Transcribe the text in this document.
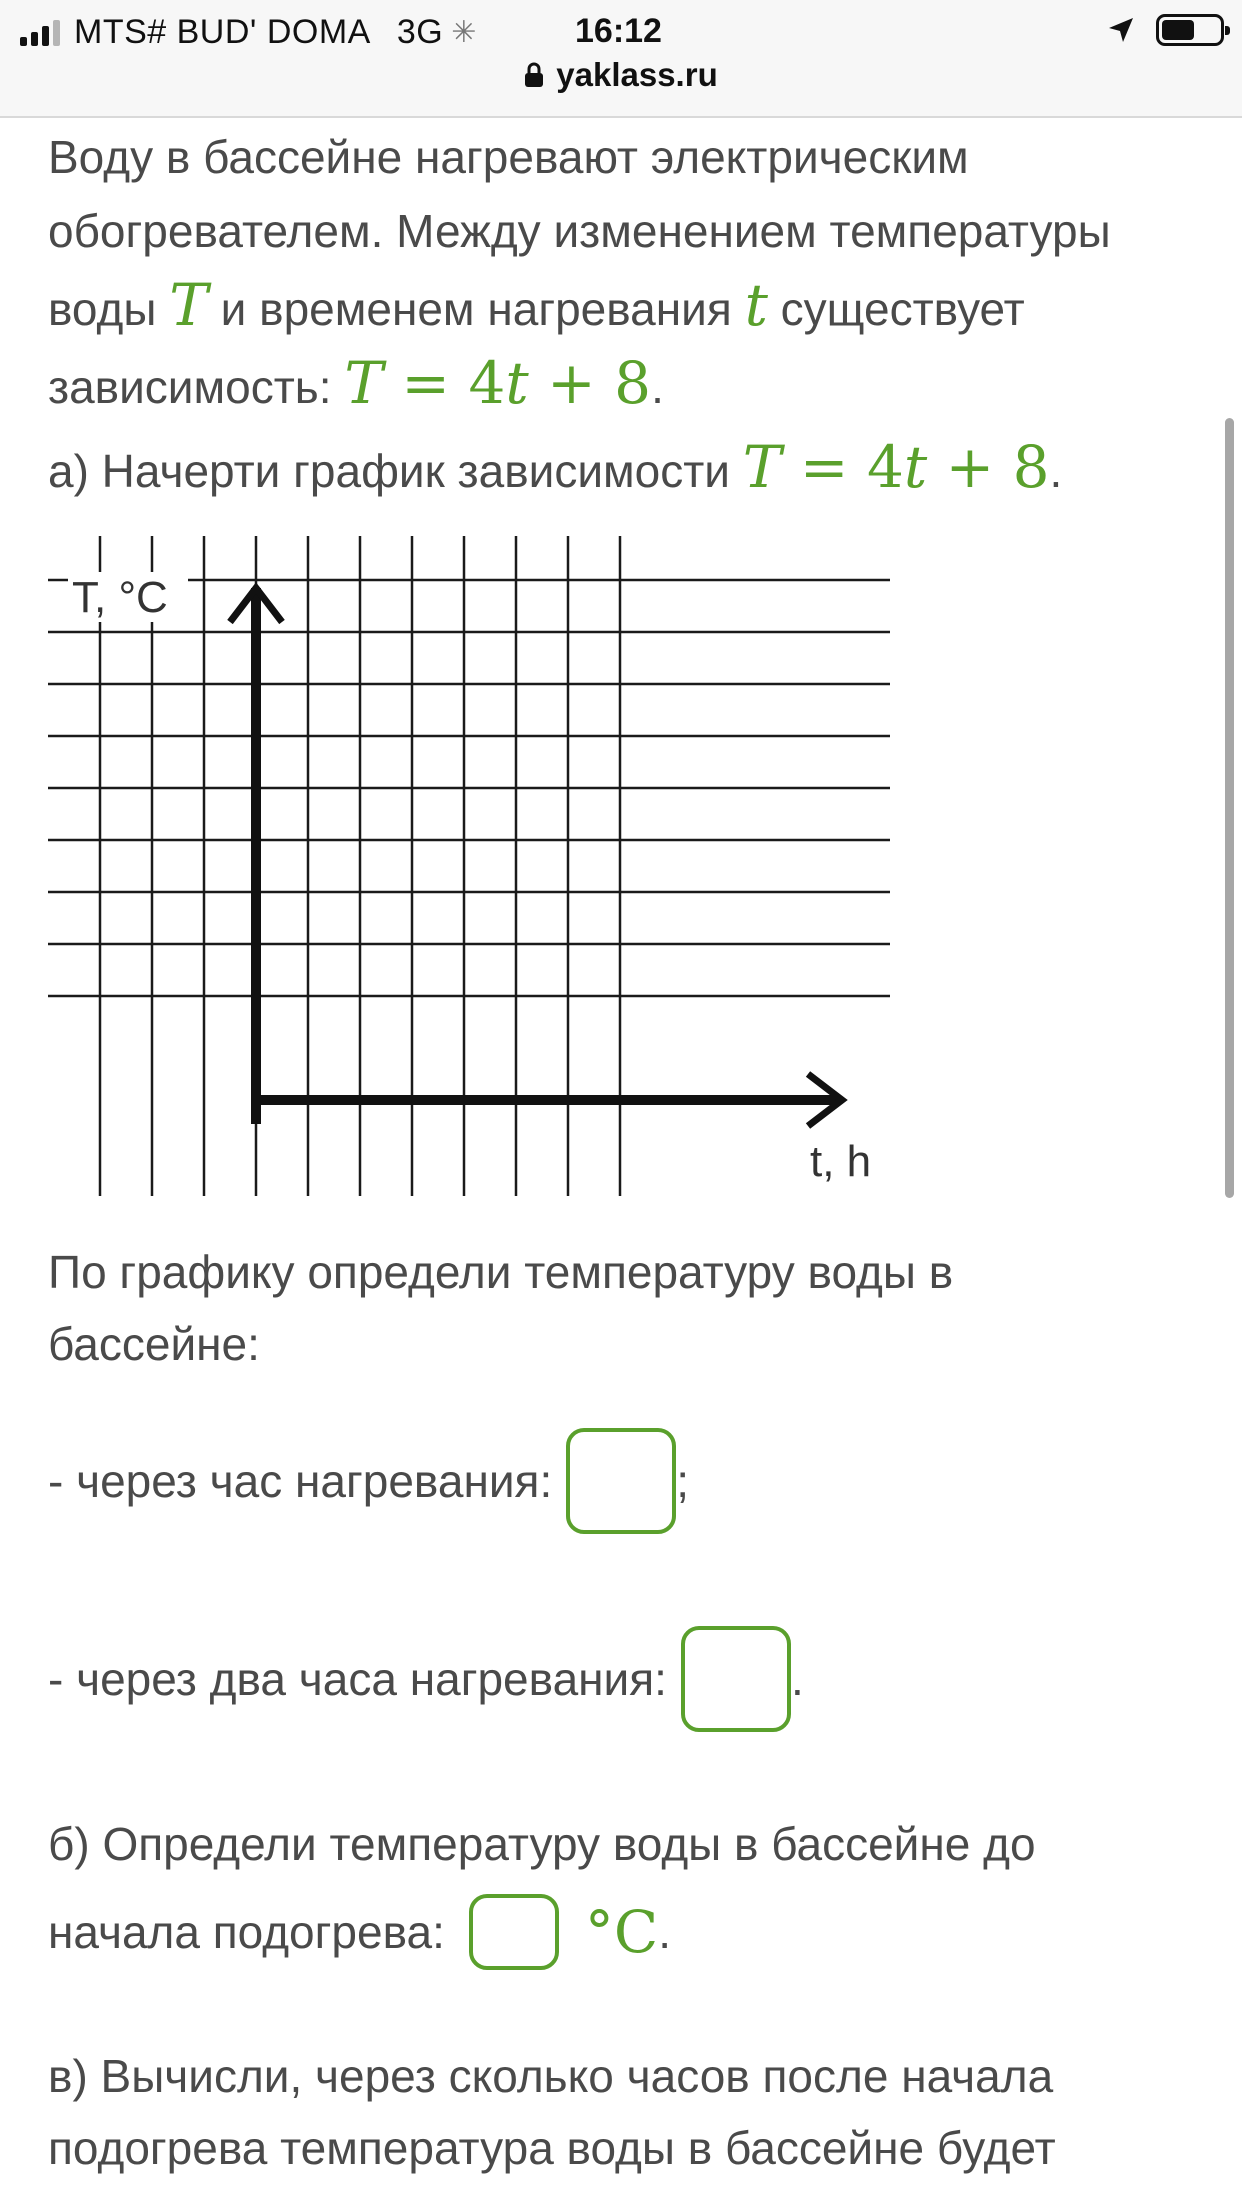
MTS# BUD' DOMA 3G ✳	16:12
yaklass.ru
Воду в бассейне нагревают электрическим
обогревателем. Между изменением температуры
воды T и временем нагревания t существует
зависимость: T = 4t + 8.
а) Начерти график зависимости T = 4t + 8.
T, °C
t, h
По графику определи температуру воды в
бассейне:
- через час нагревания:	;
- через два часа нагревания:	.
б) Определи температуру воды в бассейне до
начала подогрева: °C .
в) Вычисли, через сколько часов после начала
подогрева температура воды в бассейне будет
